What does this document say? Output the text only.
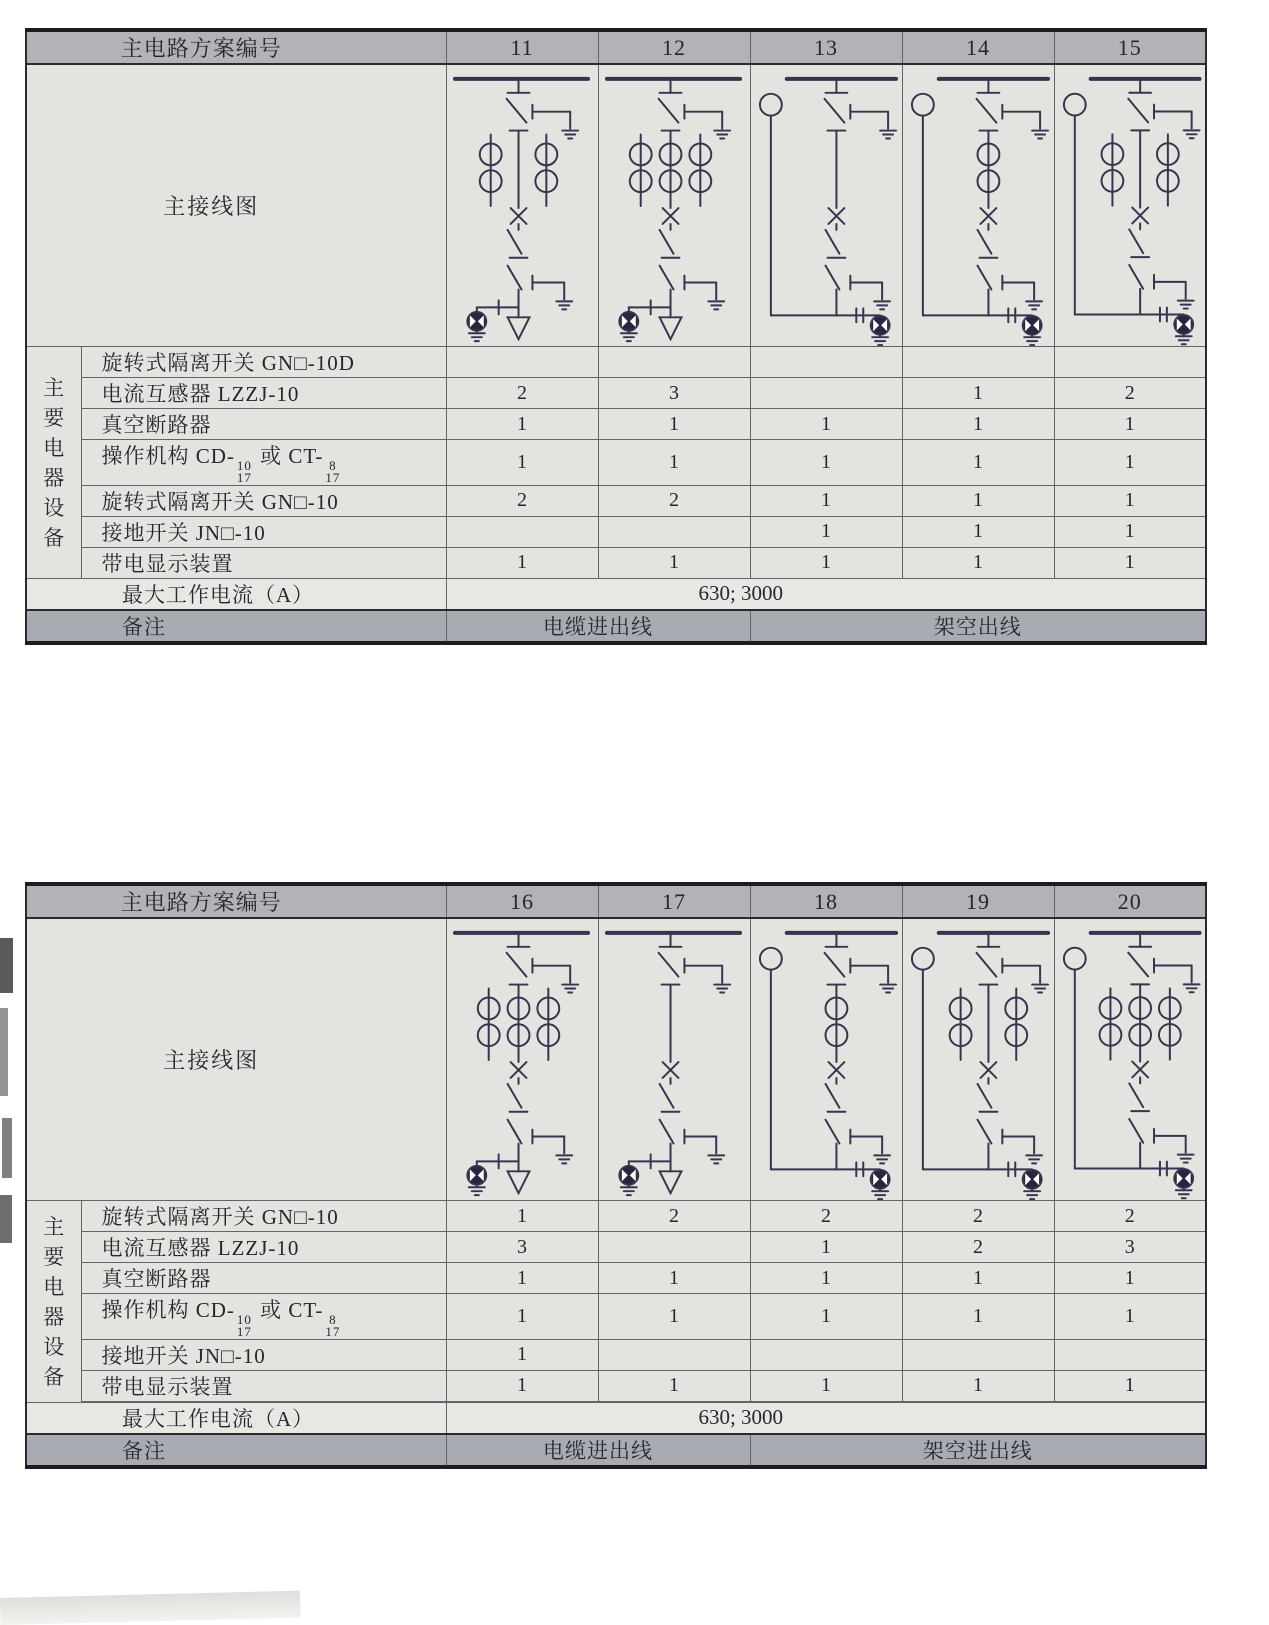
主电路方案编号		11	12	13	14	15
主接线图	

主
要
电
器
设
备
	旋转式隔离开关 GN□-10D					
	电流互感器 LZZJ-10	2	3		1	2
	真空断路器	1	1	1	1	1
操作机构 CD- 10
17
或 CT- 8
17
	1	1	1	1	1
	旋转式隔离开关 GN□-10	2	2	1	1	1
	接地开关 JN□-10			1	1	1
	带电显示装置	1	1	1	1	1
最大工作电流（A）		630; 3000				
备注		电缆进出线		架空出线		
主电路方案编号		16	17	18	19	20
主接线图	

主
要
电
器
设
备
	旋转式隔离开关 GN□-10	1	2	2	2	2
	电流互感器 LZZJ-10	3		1	2	3
	真空断路器	1	1	1	1	1
操作机构 CD- 10
17
或 CT- 8
17
	1	1	1	1	1
	接地开关 JN□-10	1				
	带电显示装置	1	1	1	1	1

最大工作电流（A）		630; 3000				
备注		电缆进出线		架空进出线		
